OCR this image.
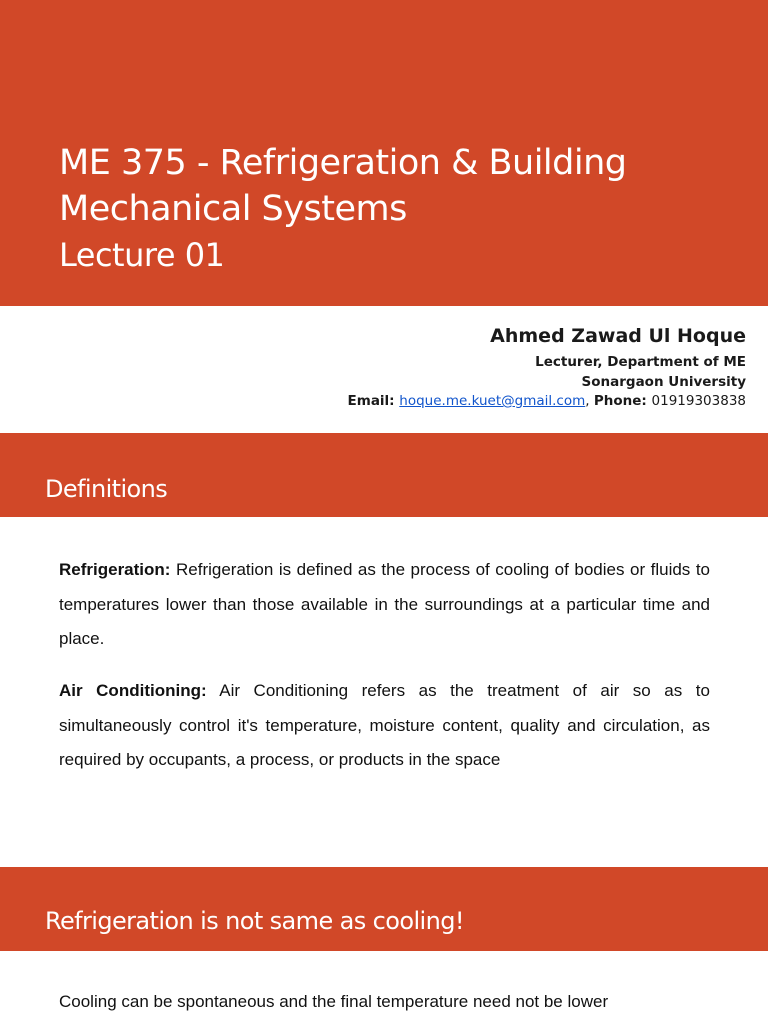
ME 375 - Refrigeration & Building Mechanical Systems
Lecture 01
Ahmed Zawad Ul Hoque
Lecturer, Department of ME
Sonargaon University
Email: hoque.me.kuet@gmail.com, Phone: 01919303838
Definitions

Refrigeration: Refrigeration is defined as the process of cooling of bodies or fluids to temperatures lower than those available in the surroundings at a particular time and place.

Air Conditioning: Air Conditioning refers as the treatment of air so as to simultaneously control it's temperature, moisture content, quality and circulation, as required by occupants, a process, or products in the space

Refrigeration is not same as cooling!

Cooling can be spontaneous and the final temperature need not be lower
